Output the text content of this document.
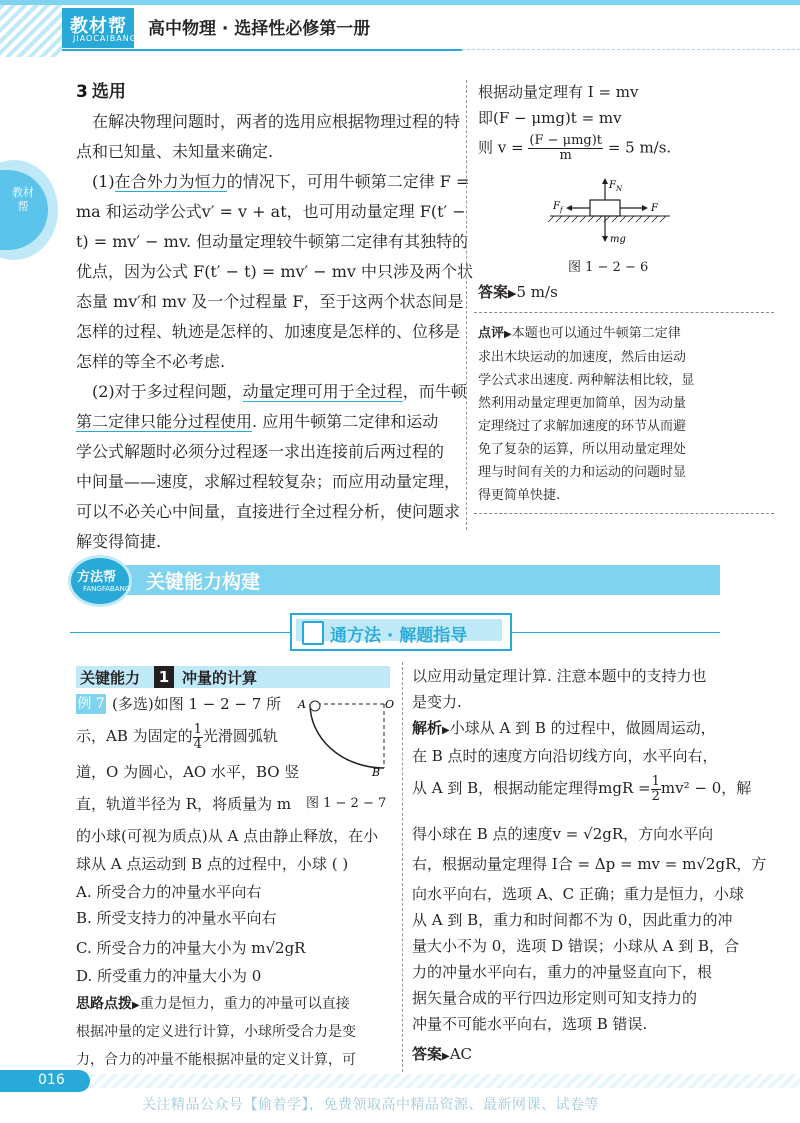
教材帮
JIAOCAIBANG 高中物理 · 选择性必修第一册
教材帮
3 选用

在解决物理问题时，两者的选用应根据物理过程的特

点和已知量、未知量来确定.

(1)在合外力为恒力的情况下，可用牛顿第二定律 F =

ma 和运动学公式v′ = v + at，也可用动量定理 F(t′ −

t) = mv′ − mv. 但动量定理较牛顿第二定律有其独特的

优点，因为公式 F(t′ − t) = mv′ − mv 中只涉及两个状

态量 mv′和 mv 及一个过程量 F，至于这两个状态间是

怎样的过程、轨迹是怎样的、加速度是怎样的、位移是

怎样的等全不必考虑.

(2)对于多过程问题，动量定理可用于全过程，而牛顿

第二定律只能分过程使用. 应用牛顿第二定律和运动

学公式解题时必须分过程逐一求出连接前后两过程的

中间量——速度，求解过程较复杂；而应用动量定理，

可以不必关心中间量，直接进行全过程分析，使问题求

解变得简捷.

根据动量定理有 I = mv
即(F − μmg)t = mv
则 $v = \frac{\text{(F − μmg)t}}{m} = 5$ m/s.
F N
F f	F
mg
图 1 − 2 − 6
答案▶5 m/s
点评▶本题也可以通过牛顿第二定律
求出木块运动的加速度，然后由运动
学公式求出速度. 两种解法相比较，显
然利用动量定理更加简单，因为动量
定理绕过了求解加速度的环节从而避
免了复杂的运算，所以用动量定理处
理与时间有关的力和运动的问题时显
得更简单快捷.
方法帮
FANGFABANG 关键能力构建
通方法 · 解题指导
关键能力	1 冲量的计算
例 7 (多选)如图 1 − 2 − 7 所
示，AB 为固定的 $\frac{1}{4}$ 光滑圆弧轨
道，O 为圆心，AO 水平，BO 竖
直，轨道半径为 R，将质量为 m
的小球(可视为质点)从 A 点由静止释放，在小
球从 A 点运动到 B 点的过程中，小球 ( )
A	O
B
图 1 − 2 − 7
A. 所受合力的冲量水平向右
B. 所受支持力的冲量水平向右
C. 所受合力的冲量大小为 m√2gR
D. 所受重力的冲量大小为 0
思路点拨▶重力是恒力，重力的冲量可以直接
根据冲量的定义进行计算，小球所受合力是变
力，合力的冲量不能根据冲量的定义计算，可
以应用动量定理计算. 注意本题中的支持力也
是变力.
解析▶小球从 A 到 B 的过程中，做圆周运动，
在 B 点时的速度方向沿切线方向，水平向右，
从 A 到 B，根据动能定理得mgR = $\frac{1}{2} mv^2 - 0$，解
得小球在 B 点的速度v = √2gR，方向水平向
右，根据动量定理得 I合 = Δp = mv = m√2gR，方
向水平向右，选项 A、C 正确；重力是恒力，小球
从 A 到 B，重力和时间都不为 0，因此重力的冲
量大小不为 0，选项 D 错误；小球从 A 到 B，合
力的冲量水平向右，重力的冲量竖直向下，根
据矢量合成的平行四边形定则可知支持力的
冲量不可能水平向右，选项 B 错误.
答案▶AC
016
关注精品公众号【偷着学】，免费领取高中精品资源、最新网课、试卷等
